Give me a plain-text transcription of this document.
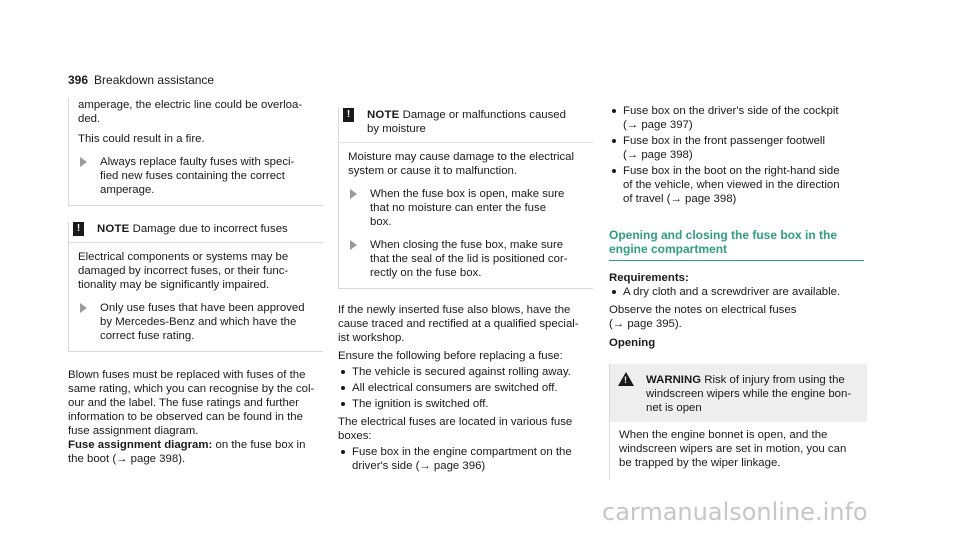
396 Breakdown assistance

amperage, the electric line could be overloa-

ded.

This could result in a fire.

Always replace faulty fuses with speci-

fied new fuses containing the correct

amperage.

!	NOTE Damage due to incorrect fuses

Electrical components or systems may be

damaged by incorrect fuses, or their func-

tionality may be significantly impaired.

Only use fuses that have been approved

by Mercedes-Benz and which have the

correct fuse rating.

Blown fuses must be replaced with fuses of the

same rating, which you can recognise by the col-

our and the label. The fuse ratings and further

information to be observed can be found in the

fuse assignment diagram.

Fuse assignment diagram: on the fuse box in

the boot (→ page 398).

!	NOTE Damage or malfunctions caused

by moisture

Moisture may cause damage to the electrical

system or cause it to malfunction.

When the fuse box is open, make sure

that no moisture can enter the fuse

box.

When closing the fuse box, make sure

that the seal of the lid is positioned cor-

rectly on the fuse box.

If the newly inserted fuse also blows, have the

cause traced and rectified at a qualified special-

ist workshop.

Ensure the following before replacing a fuse:

The vehicle is secured against rolling away.

All electrical consumers are switched off.

The ignition is switched off.

The electrical fuses are located in various fuse

boxes:

Fuse box in the engine compartment on the

driver's side (→ page 396)

Fuse box on the driver's side of the cockpit

(→ page 397)

Fuse box in the front passenger footwell

(→ page 398)

Fuse box in the boot on the right-hand side

of the vehicle, when viewed in the direction

of travel (→ page 398)

Opening and closing the fuse box in the

engine compartment

Requirements:

A dry cloth and a screwdriver are available.

Observe the notes on electrical fuses

(→ page 395).

Opening

! WARNING Risk of injury from using the

windscreen wipers while the engine bon-

net is open

When the engine bonnet is open, and the

windscreen wipers are set in motion, you can

be trapped by the wiper linkage.

carmanualsonline.info
